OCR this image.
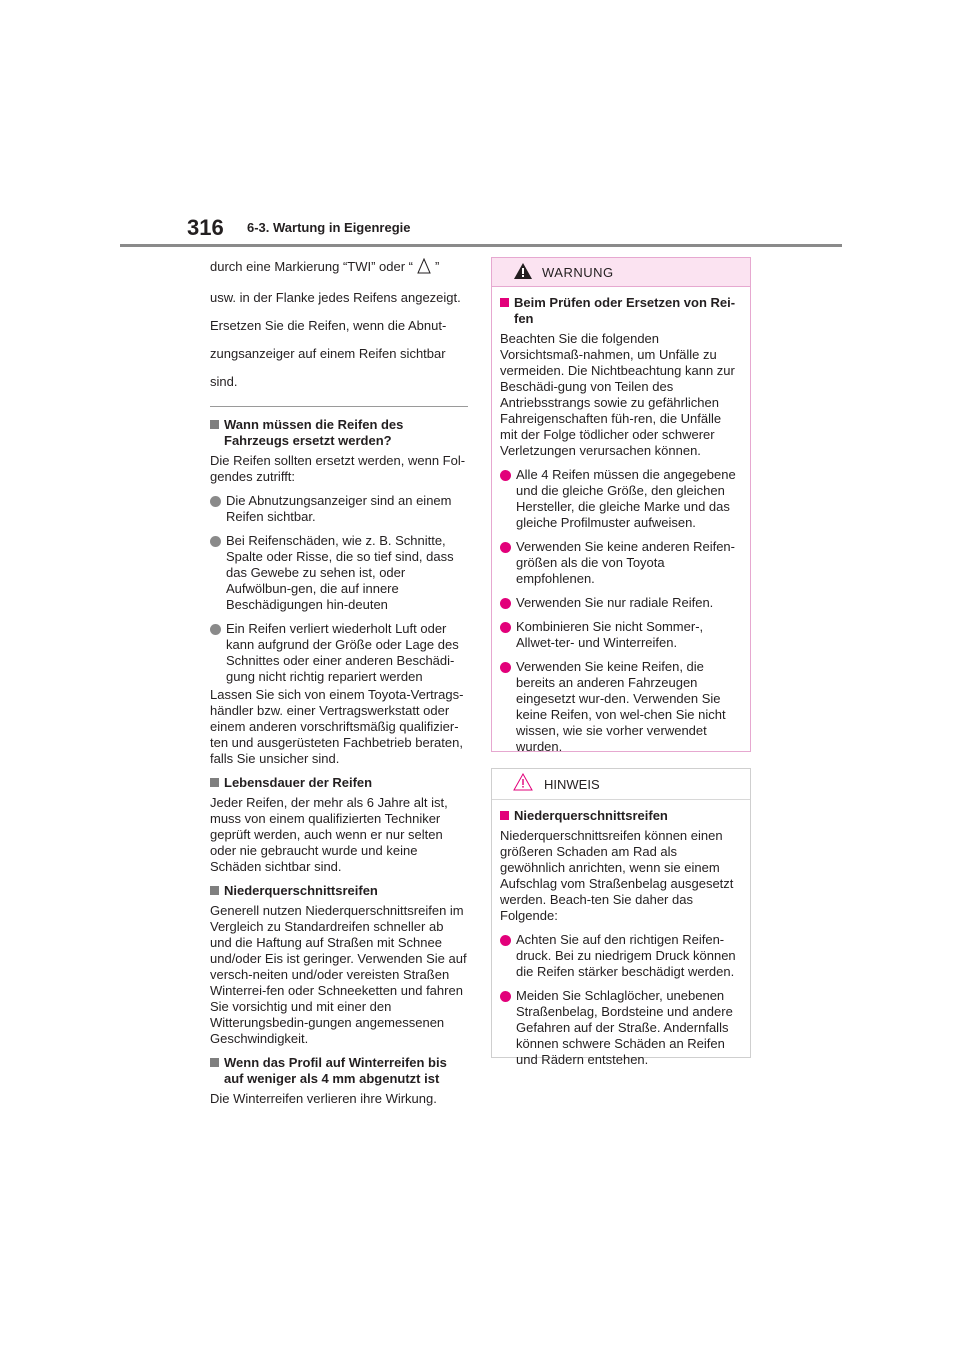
316 6-3. Wartung in Eigenregie

durch eine Markierung “TWI” oder “ ”

usw. in der Flanke jedes Reifens angezeigt.

Ersetzen Sie die Reifen, wenn die Abnut-

zungsanzeiger auf einem Reifen sichtbar

sind.

Wann müssen die Reifen des Fahrzeugs ersetzt werden?
Die Reifen sollten ersetzt werden, wenn Fol-gendes zutrifft:
Die Abnutzungsanzeiger sind an einem Reifen sichtbar.
Bei Reifenschäden, wie z. B. Schnitte, Spalte oder Risse, die so tief sind, dass das Gewebe zu sehen ist, oder Aufwölbun-gen, die auf innere Beschädigungen hin-deuten
Ein Reifen verliert wiederholt Luft oder kann aufgrund der Größe oder Lage des Schnittes oder einer anderen Beschädi-gung nicht richtig repariert werden
Lassen Sie sich von einem Toyota-Vertrags-händler bzw. einer Vertragswerkstatt oder einem anderen vorschriftsmäßig qualifizier-ten und ausgerüsteten Fachbetrieb beraten, falls Sie unsicher sind.
Lebensdauer der Reifen
Jeder Reifen, der mehr als 6 Jahre alt ist, muss von einem qualifizierten Techniker geprüft werden, auch wenn er nur selten oder nie gebraucht wurde und keine Schäden sichtbar sind.
Niederquerschnittsreifen
Generell nutzen Niederquerschnittsreifen im Vergleich zu Standardreifen schneller ab und die Haftung auf Straßen mit Schnee und/oder Eis ist geringer. Verwenden Sie auf versch-neiten und/oder vereisten Straßen Winterrei-fen oder Schneeketten und fahren Sie vorsichtig und mit einer den Witterungsbedin-gungen angemessenen Geschwindigkeit.
Wenn das Profil auf Winterreifen bis auf weniger als 4 mm abgenutzt ist
Die Winterreifen verlieren ihre Wirkung.
WARNUNG
Beim Prüfen oder Ersetzen von Rei-fen
Beachten Sie die folgenden Vorsichtsmaß-nahmen, um Unfälle zu vermeiden. Die Nichtbeachtung kann zur Beschädi-gung von Teilen des Antriebsstrangs sowie zu gefährlichen Fahreigenschaften füh-ren, die Unfälle mit der Folge tödlicher oder schwerer Verletzungen verursachen können.
Alle 4 Reifen müssen die angegebene und die gleiche Größe, den gleichen Hersteller, die gleiche Marke und das gleiche Profilmuster aufweisen.
Verwenden Sie keine anderen Reifen-größen als die von Toyota empfohlenen.
Verwenden Sie nur radiale Reifen.
Kombinieren Sie nicht Sommer-, Allwet-ter- und Winterreifen.
Verwenden Sie keine Reifen, die bereits an anderen Fahrzeugen eingesetzt wur-den. Verwenden Sie keine Reifen, von wel-chen Sie nicht wissen, wie sie vorher verwendet wurden.
HINWEIS
Niederquerschnittsreifen
Niederquerschnittsreifen können einen größeren Schaden am Rad als gewöhnlich anrichten, wenn sie einem Aufschlag vom Straßenbelag ausgesetzt werden. Beach-ten Sie daher das Folgende:
Achten Sie auf den richtigen Reifen-druck. Bei zu niedrigem Druck können die Reifen stärker beschädigt werden.
Meiden Sie Schlaglöcher, unebenen Straßenbelag, Bordsteine und andere Gefahren auf der Straße. Andernfalls können schwere Schäden an Reifen und Rädern entstehen.
